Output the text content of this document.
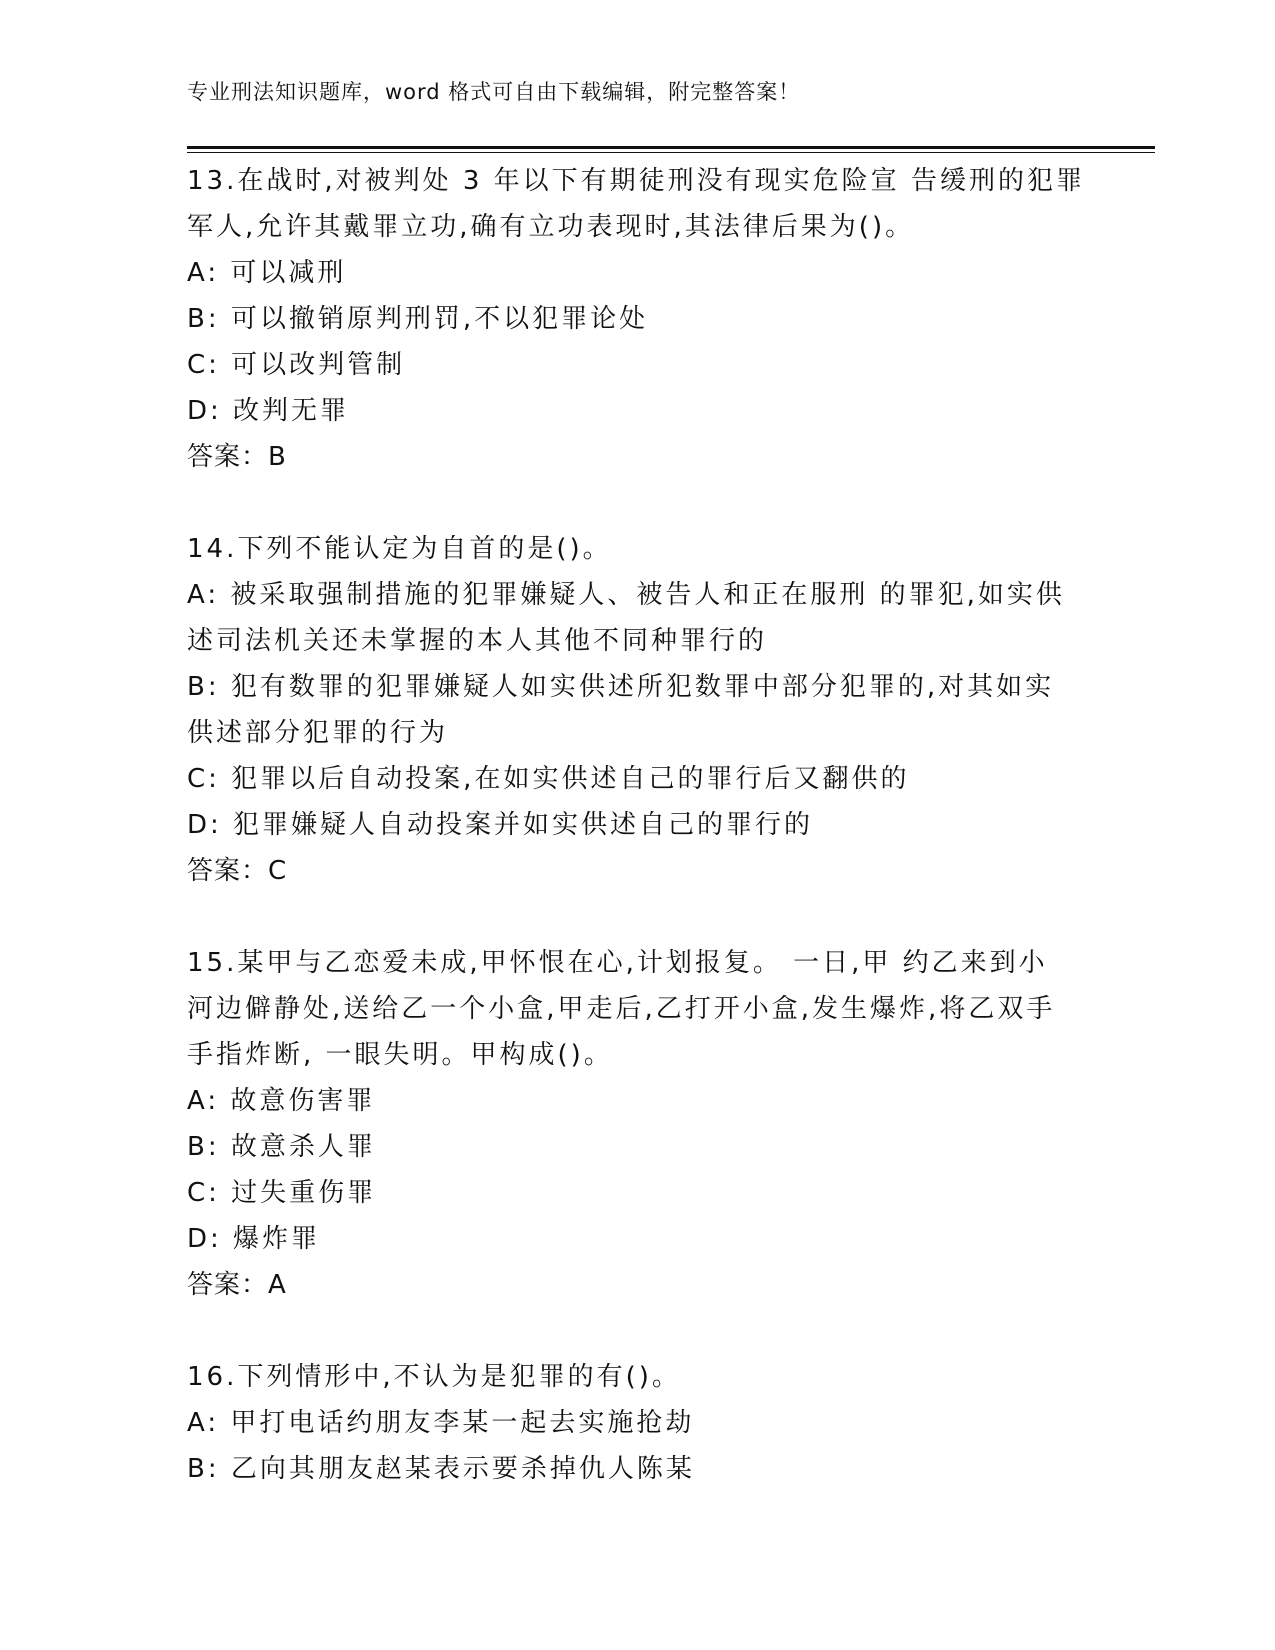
专业刑法知识题库，word 格式可自由下载编辑，附完整答案！
13.在战时,对被判处 3 年以下有期徒刑没有现实危险宣 告缓刑的犯罪
军人,允许其戴罪立功,确有立功表现时,其法律后果为()。
A: 可以减刑
B: 可以撤销原判刑罚,不以犯罪论处
C: 可以改判管制
D: 改判无罪
答案：B
14.下列不能认定为自首的是()。
A: 被采取强制措施的犯罪嫌疑人、被告人和正在服刑 的罪犯,如实供
述司法机关还未掌握的本人其他不同种罪行的
B: 犯有数罪的犯罪嫌疑人如实供述所犯数罪中部分犯罪的,对其如实
供述部分犯罪的行为
C: 犯罪以后自动投案,在如实供述自己的罪行后又翻供的
D: 犯罪嫌疑人自动投案并如实供述自己的罪行的
答案：C
15.某甲与乙恋爱未成,甲怀恨在心,计划报复。 一日,甲 约乙来到小
河边僻静处,送给乙一个小盒,甲走后,乙打开小盒,发生爆炸,将乙双手
手指炸断, 一眼失明。甲构成()。
A: 故意伤害罪
B: 故意杀人罪
C: 过失重伤罪
D: 爆炸罪
答案：A
16.下列情形中,不认为是犯罪的有()。
A: 甲打电话约朋友李某一起去实施抢劫
B: 乙向其朋友赵某表示要杀掉仇人陈某
